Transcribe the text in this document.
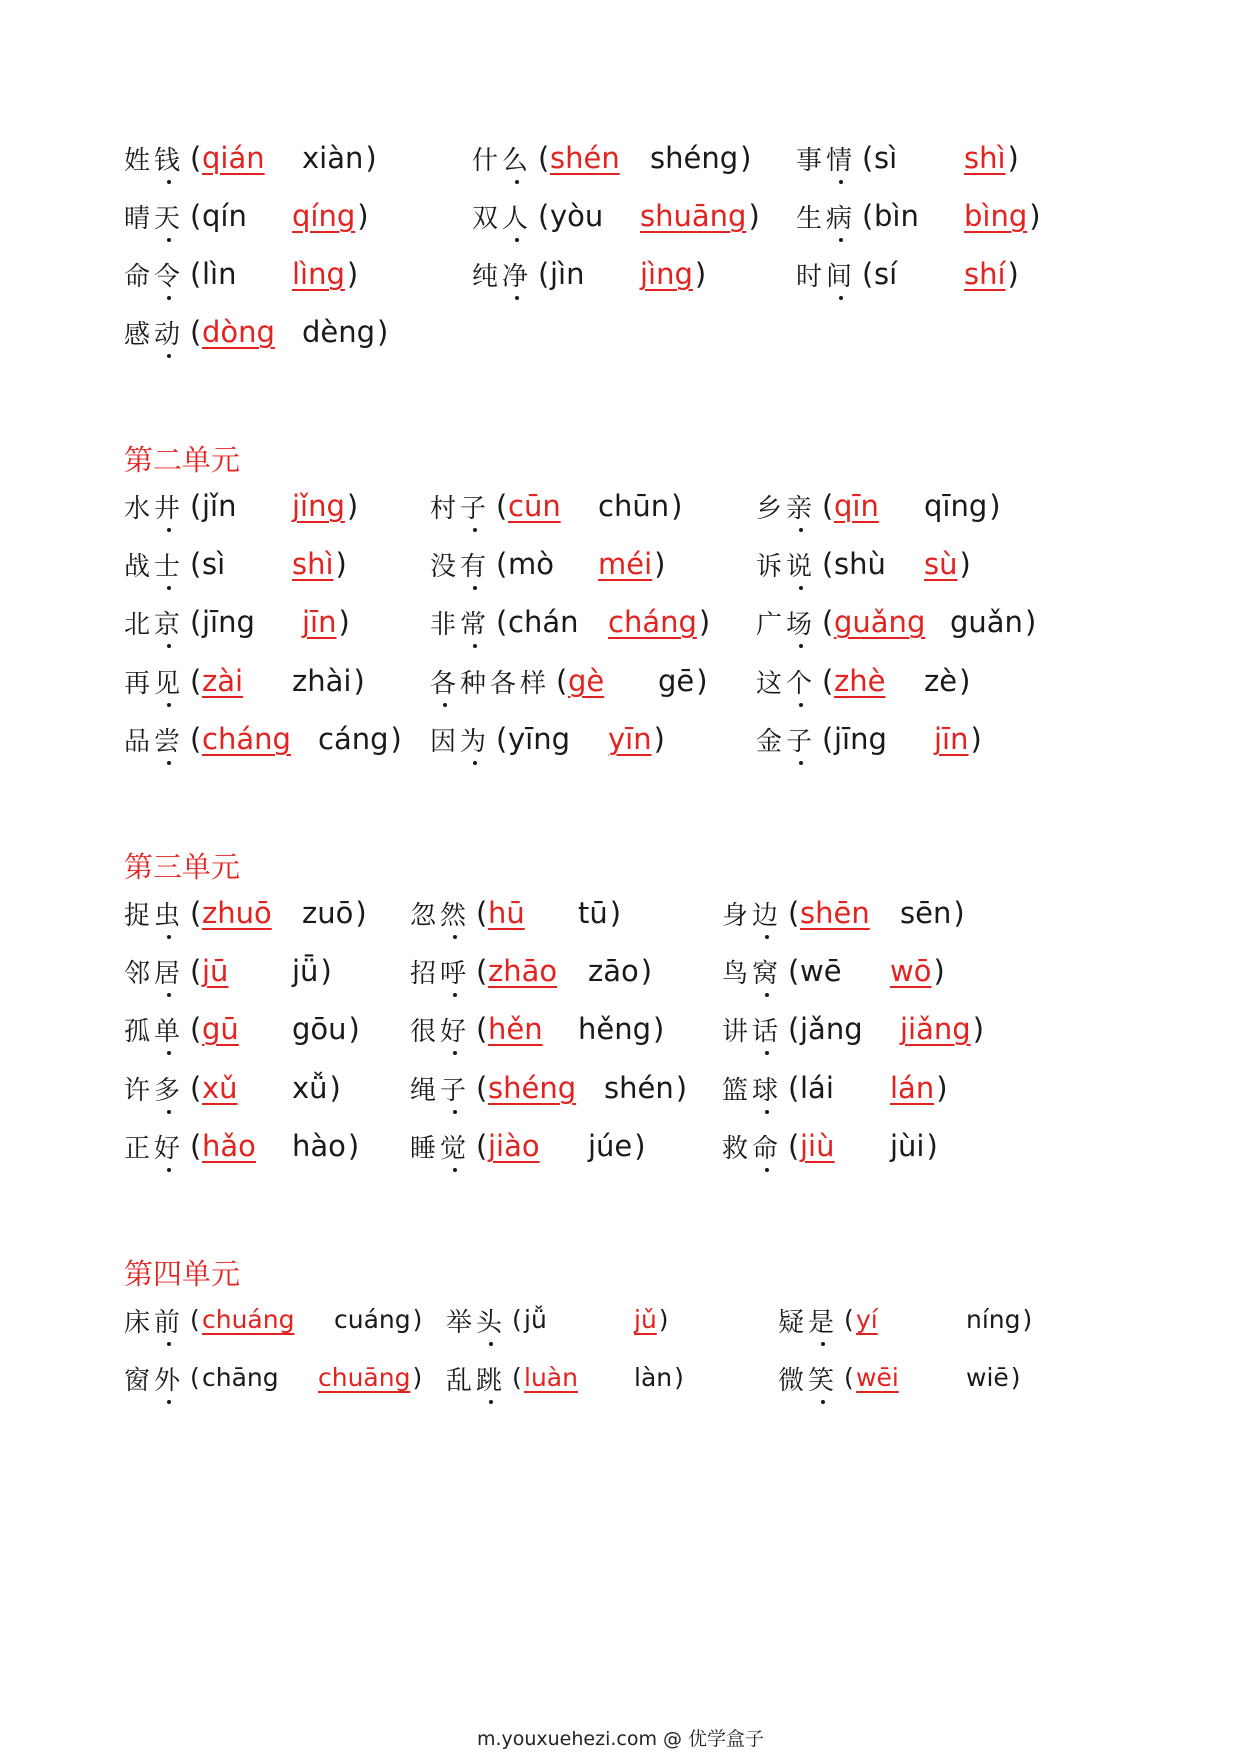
姓钱 ( qián xiàn )	什么 ( shén shéng ) 事情 ( sì shì )
晴天 ( qín qíng )	双人 ( yòu shuāng ) 生病 ( bìn bìng )
命令 ( lìn lìng )	纯净 ( jìn jìng )	时间 ( sí shí )
感动 ( dòng dèng )
第二单元
水井 ( jǐn jǐng )	村子 ( cūn chūn )	乡亲 ( qīn qīng )
战士 ( sì shì )	没有 ( mò méi )	诉说 ( shù sù )
北京 ( jīng jīn )	非常 ( chán cháng ) 广场 ( guǎng guǎn )
再见 ( zài zhài )	各种各样 ( gè gē ) 这个 ( zhè zè )
品尝 ( cháng cáng ) 因为 ( yīng yīn )	金子 ( jīng jīn )
第三单元
捉虫 ( zhuō zuō ) 忽然 ( hū tū )	身边 ( shēn sēn )
邻居 ( jū jǖ )	招呼 ( zhāo zāo )	鸟窝 ( wē wō )
孤单 ( gū gōu ) 很好 ( hěn hěng ) 讲话 ( jǎng jiǎng )
许多 ( xǔ xǚ )	绳子 ( shéng shén ) 篮球 ( lái lán )
正好 ( hǎo hào ) 睡觉 ( jiào júe )	救命 ( jiù jùi )
第四单元
床前 ( chuáng cuáng ) 举头 ( jǚ	jǔ )	疑是 ( yí	níng )
窗外 ( chāng chuāng ) 乱跳 ( luàn làn )	微笑 ( wēi	wiē )
m.youxuehezi.com @ 优学盒子
